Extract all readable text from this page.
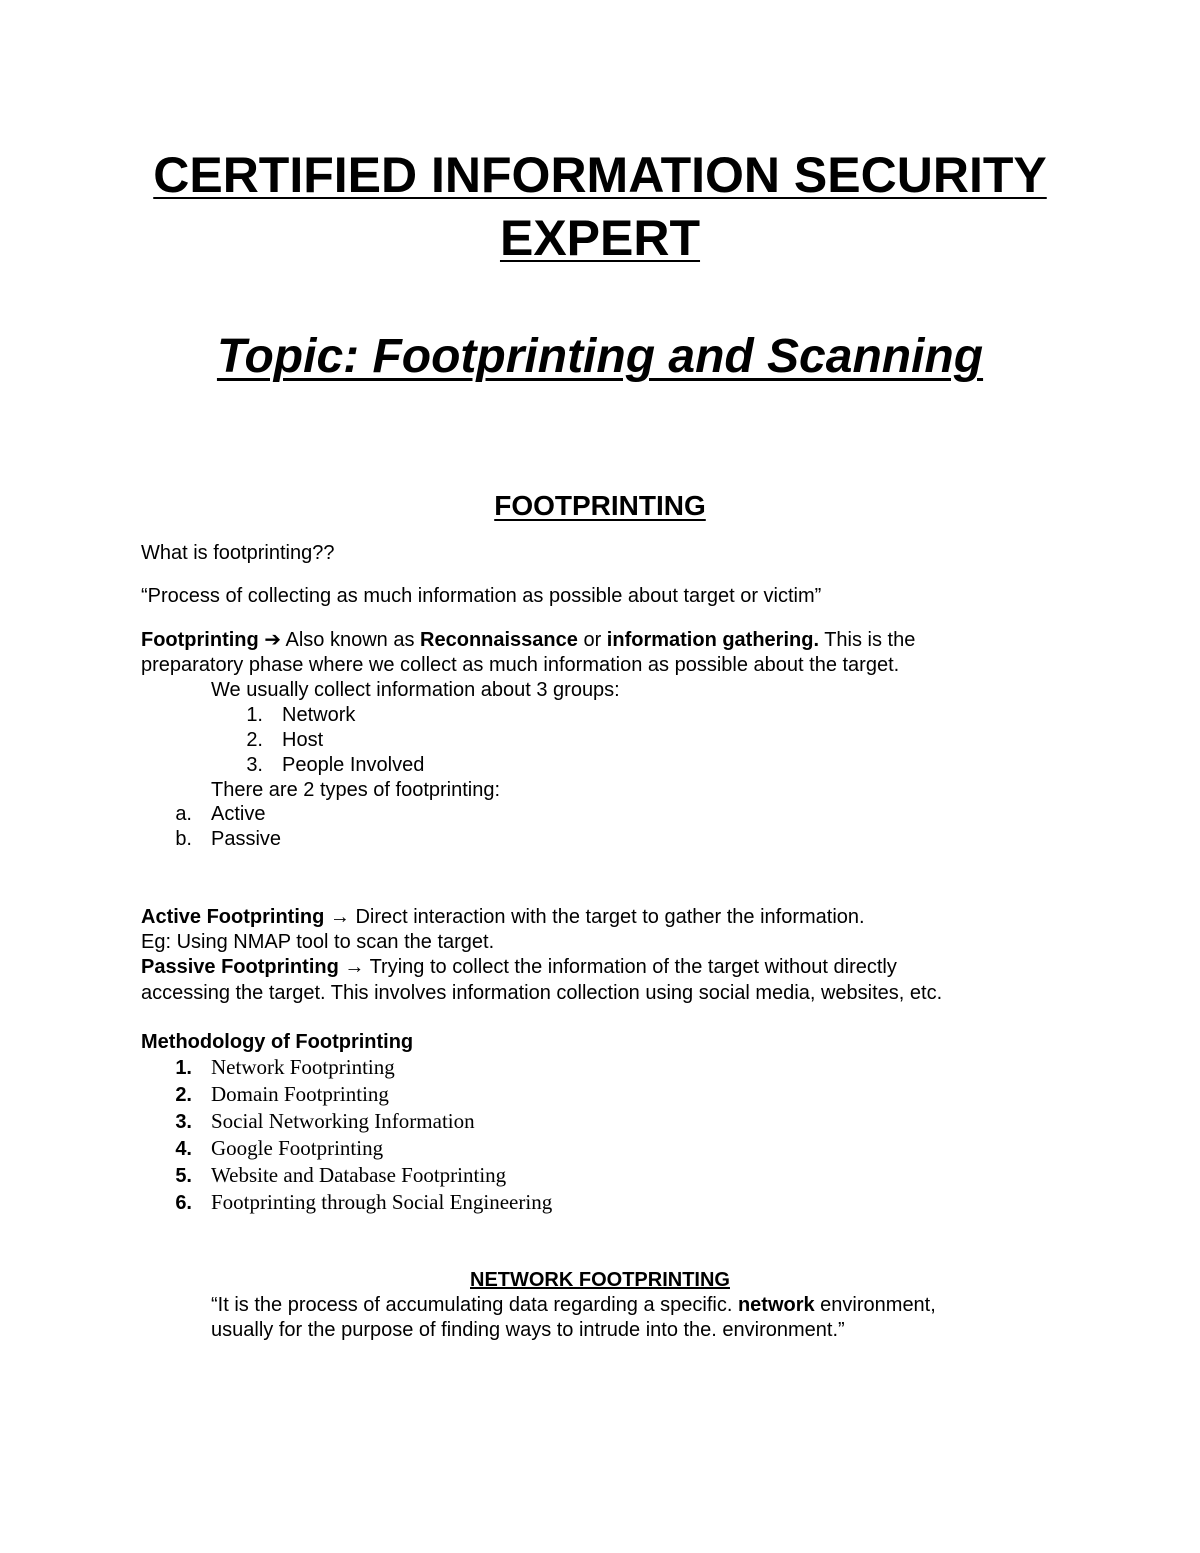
CERTIFIED INFORMATION SECURITY
EXPERT
Topic: Footprinting and Scanning
FOOTPRINTING

What is footprinting??

“Process of collecting as much information as possible about target or victim”

Footprinting ➔ Also known as Reconnaissance or information gathering. This is the

preparatory phase where we collect as much information as possible about the target.

We usually collect information about 3 groups:

1. Network
2. Host
3. People Involved

There are 2 types of footprinting:

a. Active
b. Passive

Active Footprinting → Direct interaction with the target to gather the information.

Eg: Using NMAP tool to scan the target.

Passive Footprinting → Trying to collect the information of the target without directly

accessing the target. This involves information collection using social media, websites, etc.

Methodology of Footprinting

1. Network Footprinting
2. Domain Footprinting
3. Social Networking Information
4. Google Footprinting
5. Website and Database Footprinting
6. Footprinting through Social Engineering
NETWORK FOOTPRINTING

“It is the process of accumulating data regarding a specific. network environment,

usually for the purpose of finding ways to intrude into the. environment.”
